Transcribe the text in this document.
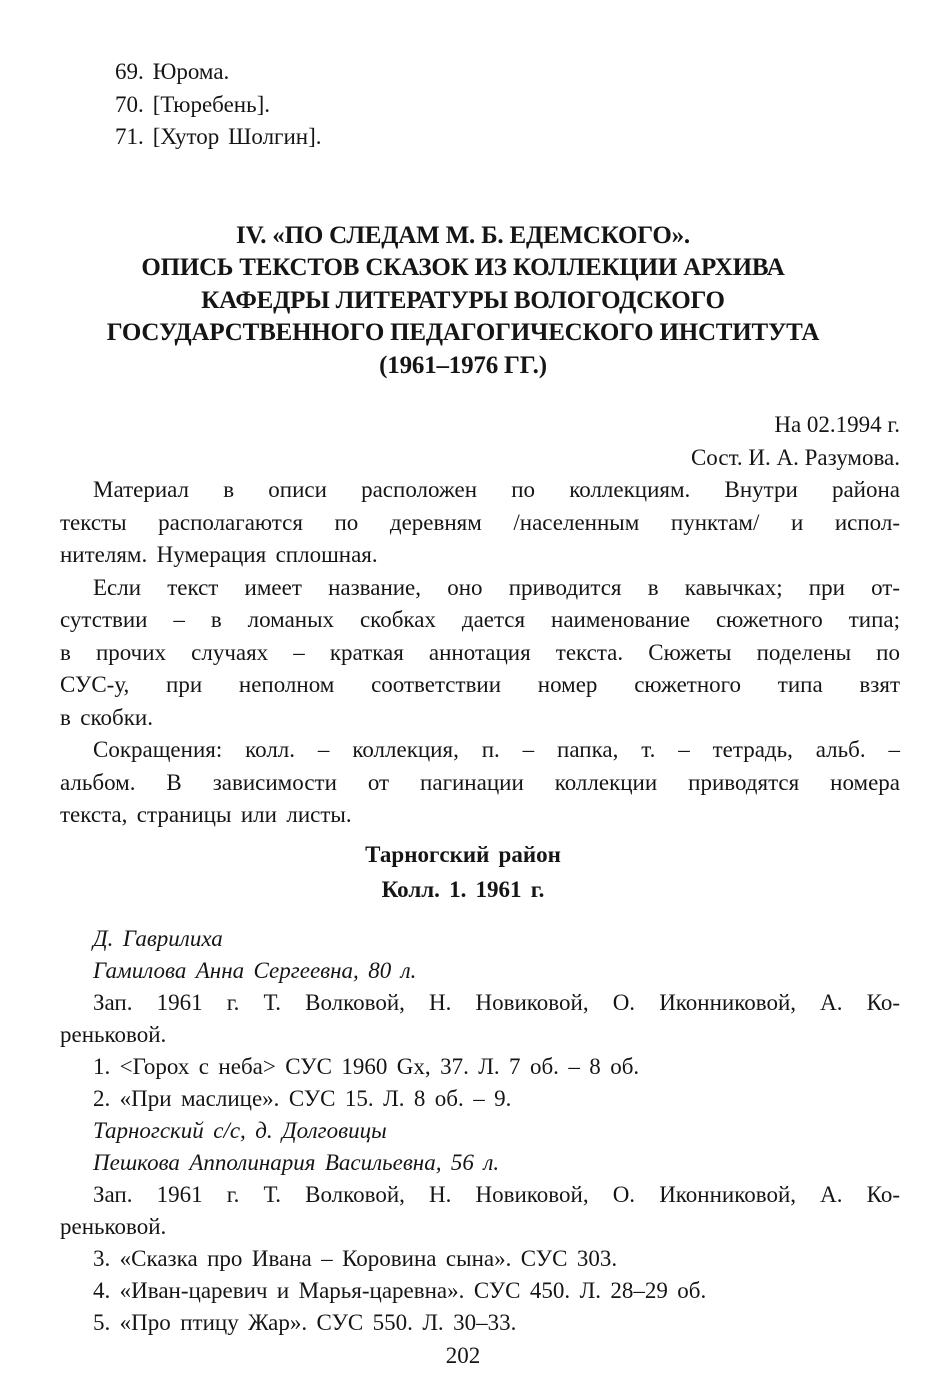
69. Юрома.
70. [Тюребень].
71. [Хутор Шолгин].
IV. «ПО СЛЕДАМ М. Б. ЕДЕМСКОГО».
ОПИСЬ ТЕКСТОВ СКАЗОК ИЗ КОЛЛЕКЦИИ АРХИВА
КАФЕДРЫ ЛИТЕРАТУРЫ ВОЛОГОДСКОГО
ГОСУДАРСТВЕННОГО ПЕДАГОГИЧЕСКОГО ИНСТИТУТА
(1961–1976 ГГ.)
На 02.1994 г.
Сост. И. А. Разумова.
Материал в описи расположен по коллекциям. Внутри района
тексты располагаются по деревням /населенным пунктам/ и испол-
нителям. Нумерация сплошная.
Если текст имеет название, оно приводится в кавычках; при от-
сутствии – в ломаных скобках дается наименование сюжетного типа;
в прочих случаях – краткая аннотация текста. Сюжеты поделены по
СУС-у, при неполном соответствии номер сюжетного типа взят
в скобки.
Сокращения: колл. – коллекция, п. – папка, т. – тетрадь, альб. –
альбом. В зависимости от пагинации коллекции приводятся номера
текста, страницы или листы.
Тарногский район
Колл. 1. 1961 г.
Д. Гаврилиха
Гамилова Анна Сергеевна, 80 л.
Зап. 1961 г. Т. Волковой, Н. Новиковой, О. Иконниковой, А. Ко-
реньковой.
1. <Горох с неба> СУС 1960 Gx, 37. Л. 7 об. – 8 об.
2. «При маслице». СУС 15. Л. 8 об. – 9.
Тарногский с/с, д. Долговицы
Пешкова Апполинария Васильевна, 56 л.
Зап. 1961 г. Т. Волковой, Н. Новиковой, О. Иконниковой, А. Ко-
реньковой.
3. «Сказка про Ивана – Коровина сына». СУС 303.
4. «Иван-царевич и Марья-царевна». СУС 450. Л. 28–29 об.
5. «Про птицу Жар». СУС 550. Л. 30–33.
202
